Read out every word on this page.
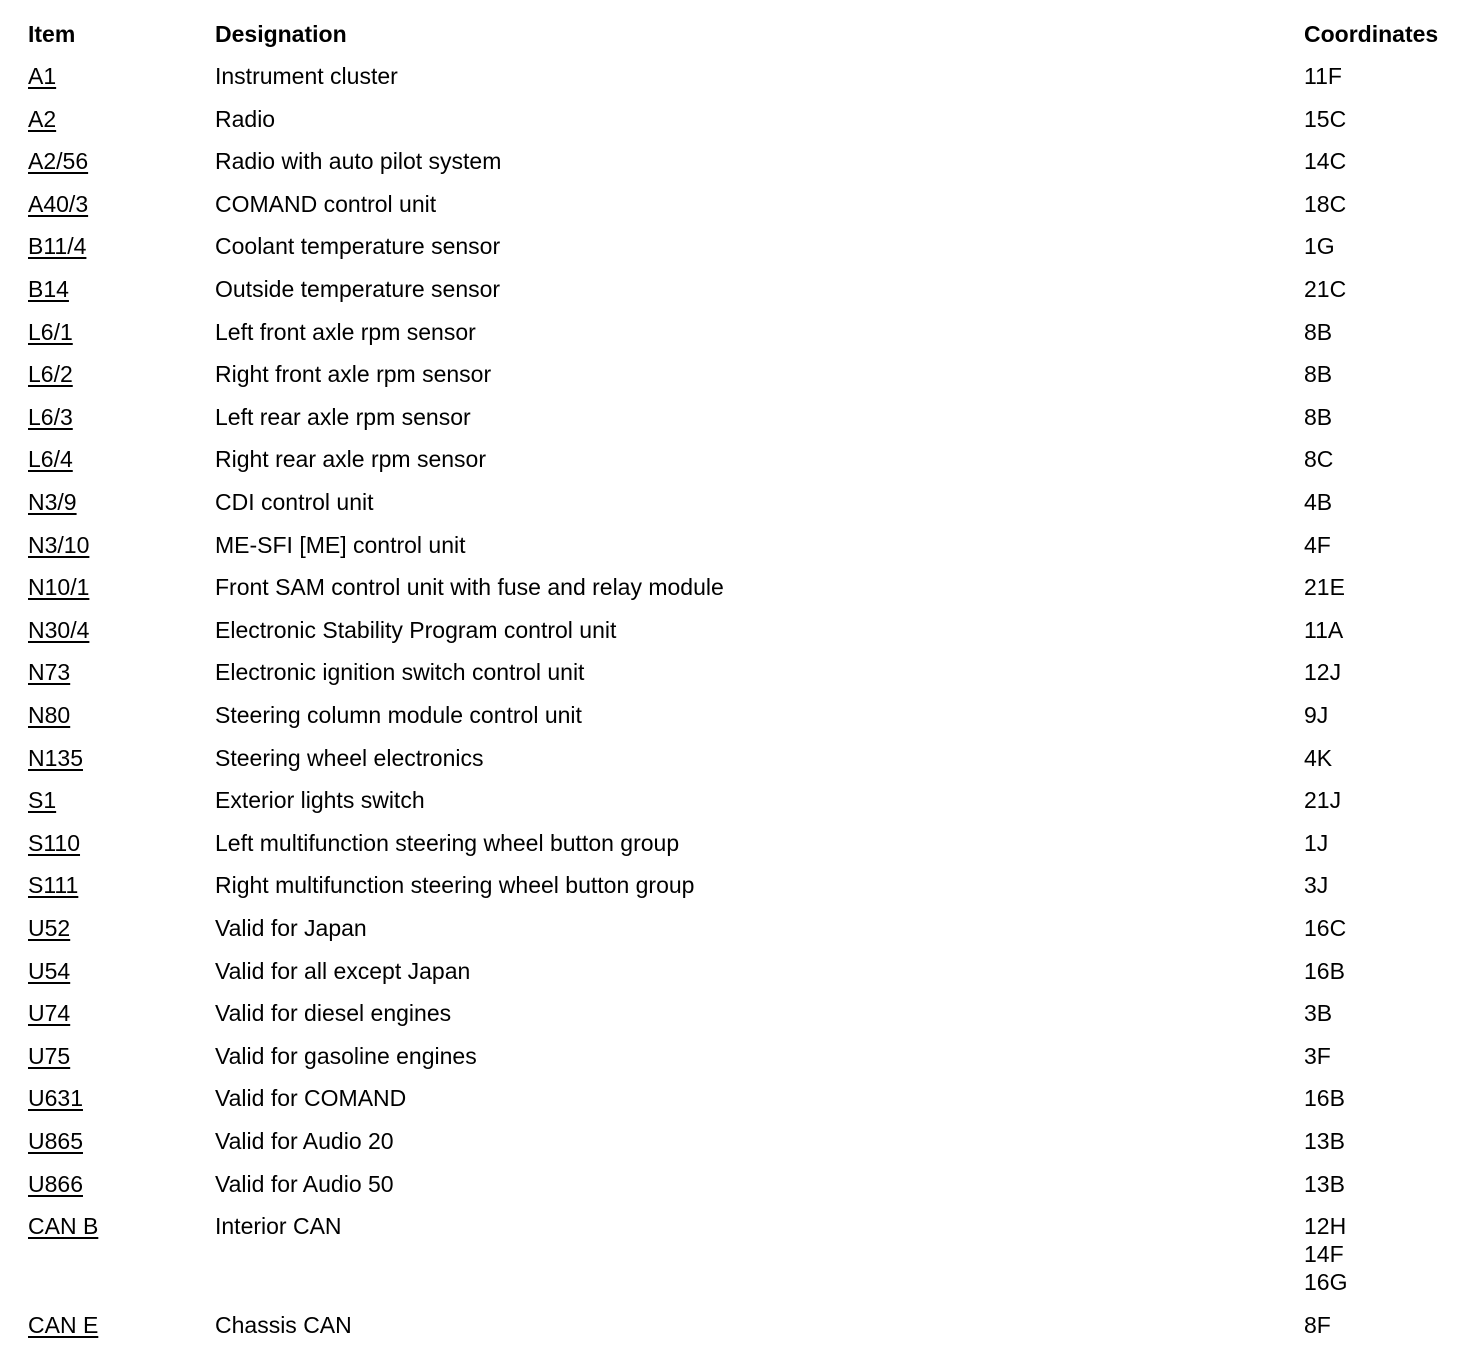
Item	Designation	Coordinates
A1	Instrument cluster	11F
A2	Radio	15C
A2/56	Radio with auto pilot system	14C
A40/3	COMAND control unit	18C
B11/4	Coolant temperature sensor	1G
B14	Outside temperature sensor	21C
L6/1	Left front axle rpm sensor	8B
L6/2	Right front axle rpm sensor	8B
L6/3	Left rear axle rpm sensor	8B
L6/4	Right rear axle rpm sensor	8C
N3/9	CDI control unit	4B
N3/10	ME-SFI [ME] control unit	4F
N10/1	Front SAM control unit with fuse and relay module	21E
N30/4	Electronic Stability Program control unit	11A
N73	Electronic ignition switch control unit	12J
N80	Steering column module control unit	9J
N135	Steering wheel electronics	4K
S1	Exterior lights switch	21J
S110	Left multifunction steering wheel button group	1J
S111	Right multifunction steering wheel button group	3J
U52	Valid for Japan	16C
U54	Valid for all except Japan	16B
U74	Valid for diesel engines	3B
U75	Valid for gasoline engines	3F
U631	Valid for COMAND	16B
U865	Valid for Audio 20	13B
U866	Valid for Audio 50	13B
CAN B	Interior CAN	12H
14F
16G
CAN E	Chassis CAN	8F
